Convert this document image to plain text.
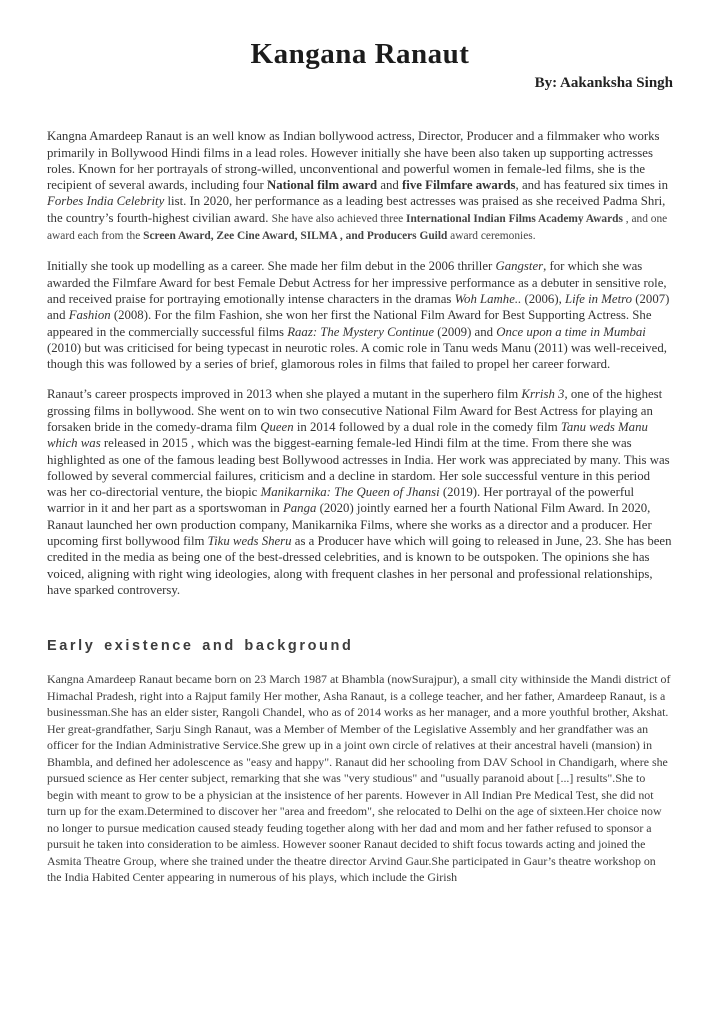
Kangana Ranaut
By: Aakanksha Singh

Kangna Amardeep Ranaut is an well know as Indian bollywood actress, Director, Producer and a filmmaker who works primarily in Bollywood Hindi films in a lead roles. However initially she have been also taken up supporting actresses roles. Known for her portrayals of strong-willed, unconventional and powerful women in female-led films, she is the recipient of several awards, including four National film award and five Filmfare awards, and has featured six times in Forbes India Celebrity list. In 2020, her performance as a leading best actresses was praised as she received Padma Shri, the country’s fourth-highest civilian award. She have also achieved three International Indian Films Academy Awards , and one award each from the Screen Award, Zee Cine Award, SILMA , and Producers Guild award ceremonies.

Initially she took up modelling as a career. She made her film debut in the 2006 thriller Gangster, for which she was awarded the Filmfare Award for best Female Debut Actress for her impressive performance as a debuter in sensitive role, and received praise for portraying emotionally intense characters in the dramas Woh Lamhe.. (2006), Life in Metro (2007) and Fashion (2008). For the film Fashion, she won her first the National Film Award for Best Supporting Actress. She appeared in the commercially successful films Raaz: The Mystery Continue (2009) and Once upon a time in Mumbai (2010) but was criticised for being typecast in neurotic roles. A comic role in Tanu weds Manu (2011) was well-received, though this was followed by a series of brief, glamorous roles in films that failed to propel her career forward.

Ranaut’s career prospects improved in 2013 when she played a mutant in the superhero film Krrish 3, one of the highest grossing films in bollywood. She went on to win two consecutive National Film Award for Best Actress for playing an forsaken bride in the comedy-drama film Queen in 2014 followed by a dual role in the comedy film Tanu weds Manu which was released in 2015 , which was the biggest-earning female-led Hindi film at the time. From there she was highlighted as one of the famous leading best Bollywood actresses in India. Her work was appreciated by many. This was followed by several commercial failures, criticism and a decline in stardom. Her sole successful venture in this period was her co-directorial venture, the biopic Manikarnika: The Queen of Jhansi (2019). Her portrayal of the powerful warrior in it and her part as a sportswoman in Panga (2020) jointly earned her a fourth National Film Award. In 2020, Ranaut launched her own production company, Manikarnika Films, where she works as a director and a producer. Her upcoming first bollywood film Tiku weds Sheru as a Producer have which will going to released in June, 23. She has been credited in the media as being one of the best-dressed celebrities, and is known to be outspoken. The opinions she has voiced, aligning with right wing ideologies, along with frequent clashes in her personal and professional relationships, have sparked controversy.

Early existence and background

Kangna Amardeep Ranaut became born on 23 March 1987 at Bhambla (nowSurajpur), a small city withinside the Mandi district of Himachal Pradesh, right into a Rajput family Her mother, Asha Ranaut, is a college teacher, and her father, Amardeep Ranaut, is a businessman.She has an elder sister, Rangoli Chandel, who as of 2014 works as her manager, and a more youthful brother, Akshat. Her great-grandfather, Sarju Singh Ranaut, was a Member of Member of the Legislative Assembly and her grandfather was an officer for the Indian Administrative Service.She grew up in a joint own circle of relatives at their ancestral haveli (mansion) in Bhambla, and defined her adolescence as "easy and happy". Ranaut did her schooling from DAV School in Chandigarh, where she pursued science as Her center subject, remarking that she was "very studious" and "usually paranoid about [...] results".She to begin with meant to grow to be a physician at the insistence of her parents. However in All Indian Pre Medical Test, she did not turn up for the exam.Determined to discover her "area and freedom", she relocated to Delhi on the age of sixteen.Her choice now no longer to pursue medication caused steady feuding together along with her dad and mom and her father refused to sponsor a pursuit he taken into consideration to be aimless. However sooner Ranaut decided to shift focus towards acting and joined the Asmita Theatre Group, where she trained under the theatre director Arvind Gaur.She participated in Gaur’s theatre workshop on the India Habited Center appearing in numerous of his plays, which include the Girish
